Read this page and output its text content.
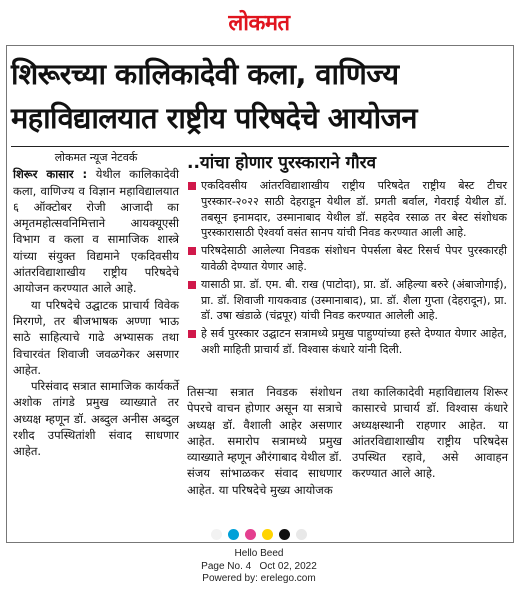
लोकमत
शिरूरच्या कालिकादेवी कला, वाणिज्य
महाविद्यालयात राष्ट्रीय परिषदेचे आयोजन
लोकमत न्यूज नेटवर्क

शिरूर कासार : येथील कालिकादेवी कला, वाणिज्य व विज्ञान महाविद्यालयात ६ ऑक्टोबर रोजी आजादी का अमृतमहोत्सवनिमित्ताने आयक्यूएसी विभाग व कला व सामाजिक शास्त्रे यांच्या संयुक्त विद्यमाने एकदिवसीय आंतरविद्याशाखीय राष्ट्रीय परिषदेचे आयोजन करण्यात आले आहे.

या परिषदेचे उद्घाटक प्राचार्य विवेक मिरगणे, तर बीजभाषक अण्णा भाऊ साठे साहित्याचे गाढे अभ्यासक तथा विचारवंत शिवाजी जवळगेकर असणार आहेत.

परिसंवाद सत्रात सामाजिक कार्यकर्ते अशोक तांगडे प्रमुख व्याख्याते तर अध्यक्ष म्हणून डॉ. अब्दुल अनीस अब्दुल रशीद उपस्थितांशी संवाद साधणार आहेत.

..यांचा होणार पुरस्काराने गौरव
एकदिवसीय आंतरविद्याशाखीय राष्ट्रीय परिषदेत राष्ट्रीय बेस्ट टीचर पुरस्कार-२०२२ साठी देहराडून येथील डॉ. प्रगती बर्वाल, गेवराई येथील डॉ. तबसून इनामदार, उस्मानाबाद येथील डॉ. सहदेव रसाळ तर बेस्ट संशोधक पुरस्कारासाठी ऐश्वर्या वसंत सानप यांची निवड करण्यात आली आहे.
परिषदेसाठी आलेल्या निवडक संशोधन पेपर्सला बेस्ट रिसर्च पेपर पुरस्कारही यावेळी देण्यात येणार आहे.
यासाठी प्रा. डॉ. एम. बी. राख (पाटोदा), प्रा. डॉ. अहिल्या बरुरे (अंबाजोगाई), प्रा. डॉ. शिवाजी गायकवाड (उस्मानाबाद), प्रा. डॉ. शैला गुप्ता (देहरादून), प्रा. डॉ. उषा खंडाळे (चंद्रपूर) यांची निवड करण्यात आलेली आहे.
हे सर्व पुरस्कार उद्घाटन सत्रामध्ये प्रमुख पाहुण्यांच्या हस्ते देण्यात येणार आहेत, अशी माहिती प्राचार्य डॉ. विश्वास कंधारे यांनी दिली.

तिसऱ्या सत्रात निवडक संशोधन पेपरचे वाचन होणार असून या सत्राचे अध्यक्ष डॉ. वैशाली आहेर असणार आहेत. समारोप सत्रामध्ये प्रमुख व्याख्याते म्हणून औरंगाबाद येथील डॉ. संजय सांभाळकर संवाद साधणार आहेत. या परिषदेचे मुख्य आयोजक

तथा कालिकादेवी महाविद्यालय शिरूर कासारचे प्राचार्य डॉ. विश्वास कंधारे अध्यक्षस्थानी राहणार आहेत. या आंतरविद्याशाखीय राष्ट्रीय परिषदेस उपस्थित रहावे, असे आवाहन करण्यात आले आहे.

Hello Beed
Page No. 4   Oct 02, 2022
Powered by: erelego.com
